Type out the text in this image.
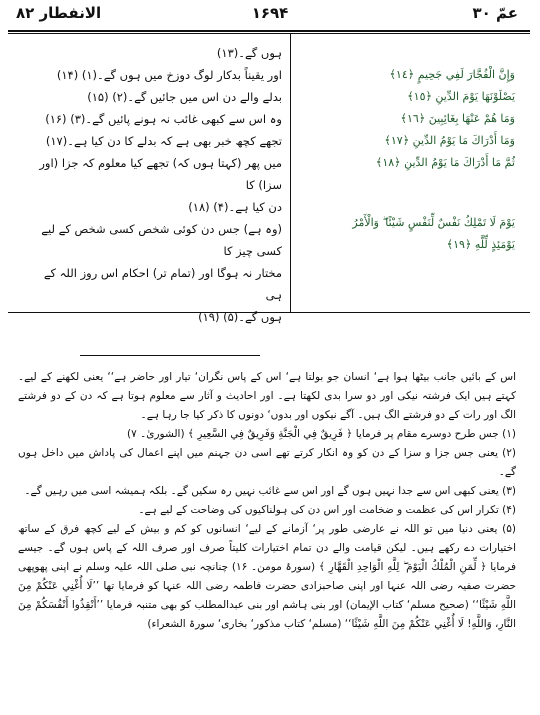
الانفطار ۸۲	۱۶۹۴	عمّ ۳۰
ہوں گے۔(۱۳)
اور یقیناً بدکار لوگ دوزخ میں ہوں گے۔(۱) (۱۴)
بدلے والے دن اس میں جائیں گے۔(۲) (۱۵)
وہ اس سے کبھی غائب نہ ہونے پائیں گے۔(۳) (۱۶)
تجھے کچھ خبر بھی ہے کہ بدلے کا دن کیا ہے۔(۱۷)
میں پھر (کہتا ہوں کہ) تجھے کیا معلوم کہ جزا (اور سزا) کا
دن کیا ہے۔(۴) (۱۸)
(وہ ہے) جس دن کوئی شخص کسی شخص کے لیے کسی چیز کا
مختار نہ ہوگا اور (تمام تر) احکام اس روز اللہ کے ہی
ہوں گے۔(۵) (۱۹)
وَإِنَّ الْفُجَّارَ لَفِي جَحِيمٍ ﴿١٤﴾
يَصْلَوْنَهَا يَوْمَ الدِّينِ ﴿١٥﴾
وَمَا هُمْ عَنْهَا بِغَائِبِينَ ﴿١٦﴾
وَمَا أَدْرَاكَ مَا يَوْمُ الدِّينِ ﴿١٧﴾
ثُمَّ مَا أَدْرَاكَ مَا يَوْمُ الدِّينِ ﴿١٨﴾
يَوْمَ لَا تَمْلِكُ نَفْسٌ لِّنَفْسٍ شَيْئًا ۖ وَالْأَمْرُ
يَوْمَئِذٍ لِّلَّهِ ﴿١٩﴾

اس کے بائیں جانب بیٹھا ہوا ہے‘ انسان جو بولتا ہے‘ اس کے پاس نگران‘ تیار اور حاضر ہے‘‘ یعنی لکھنے کے لیے۔ کہتے ہیں ایک فرشتہ نیکی اور دو سرا بدی لکھتا ہے۔ اور احادیث و آثار سے معلوم ہوتا ہے کہ دن کے دو فرشتے الگ اور رات کے دو فرشتے الگ ہیں۔ آگے نیکوں اور بدوں‘ دونوں کا ذکر کیا جا رہا ہے۔

(۱) جس طرح دوسرے مقام پر فرمایا ﴿ فَرِيقٌ فِي الْجَنَّةِ وَفَرِيقٌ فِي السَّعِيرِ ﴾ (الشوریٰ۔ ۷)

(۲) یعنی جس جزا و سزا کے دن کو وہ انکار کرتے تھے اسی دن جہنم میں اپنے اعمال کی پاداش میں داخل ہوں گے۔

(۳) یعنی کبھی اس سے جدا نہیں ہوں گے اور اس سے غائب نہیں رہ سکیں گے۔ بلکہ ہمیشہ اسی میں رہیں گے۔

(۴) تکرار اس کی عظمت و ضخامت اور اس دن کی ہولناکیوں کی وضاحت کے لیے ہے۔

(۵) یعنی دنیا میں تو اللہ نے عارضی طور پر‘ آزمانے کے لیے‘ انسانوں کو کم و بیش کے لیے کچھ فرق کے ساتھ اختیارات دے رکھے ہیں۔ لیکن قیامت والے دن تمام اختیارات کلیتاً صرف اور صرف اللہ کے پاس ہوں گے۔ جیسے فرمایا ﴿ لِّمَنِ الْمُلْكُ الْيَوْمَ ۖ لِلَّهِ الْوَاحِدِ الْقَهَّارِ ﴾ (سورۂ مومن۔ ۱۶) چنانچہ نبی صلی اللہ علیہ وسلم نے اپنی پھوپھی حضرت صفیہ رضی اللہ عنہا اور اپنی صاحبزادی حضرت فاطمہ رضی اللہ عنہا کو فرمایا تھا ’’لَا أُغْنِي عَنْكُمْ مِنَ اللَّهِ شَيْئًا‘‘ (صحیح مسلم‘ کتاب الإیمان) اور بنی ہاشم اور بنی عبدالمطلب کو بھی متنبہ فرمایا ’’أَنْقِذُوا أَنْفُسَكُمْ مِنَ النَّارِ، وَاللَّهِ! لَا أُغْنِي عَنْكُمْ مِنَ اللَّهِ شَيْئًا‘‘ (مسلم‘ کتاب مذکور‘ بخاری‘ سورۃ الشعراء)
